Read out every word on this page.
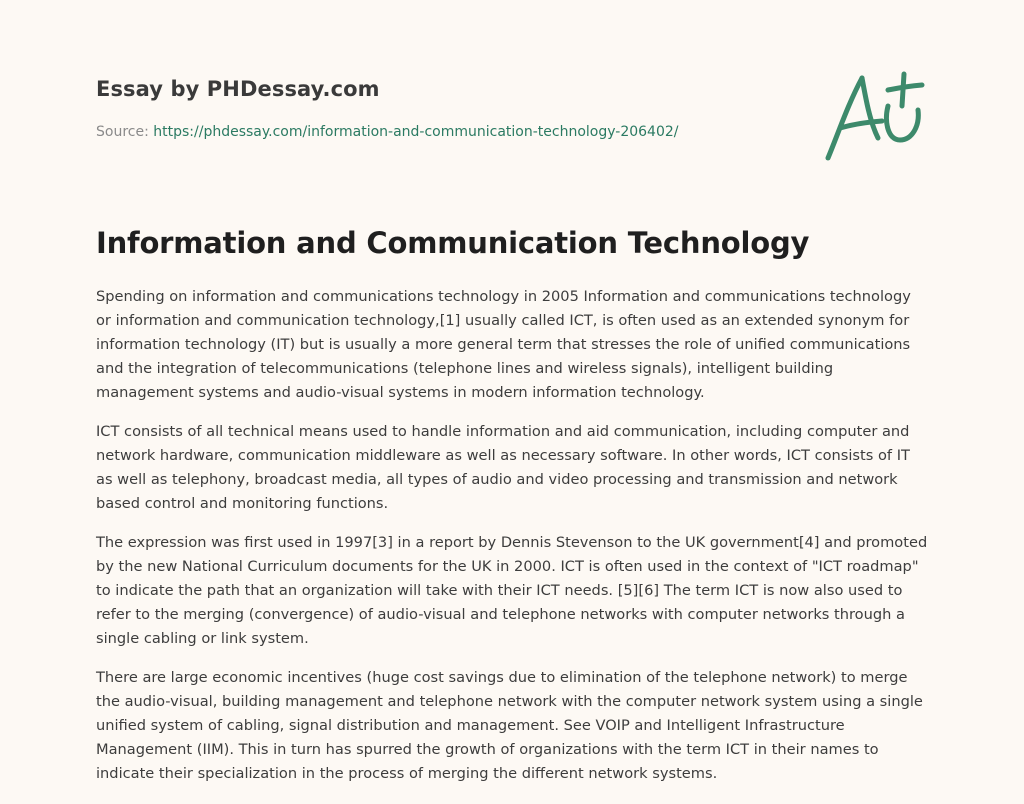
Essay by PHDessay.com
Source: https://phdessay.com/information-and-communication-technology-206402/
Information and Communication Technology

Spending on information and communications technology in 2005 Information and communications technology or information and communication technology,[1] usually called ICT, is often used as an extended synonym for information technology (IT) but is usually a more general term that stresses the role of unified communications and the integration of telecommunications (telephone lines and wireless signals), intelligent building management systems and audio-visual systems in modern information technology.

ICT consists of all technical means used to handle information and aid communication, including computer and network hardware, communication middleware as well as necessary software. In other words, ICT consists of IT as well as telephony, broadcast media, all types of audio and video processing and transmission and network based control and monitoring functions.

The expression was first used in 1997[3] in a report by Dennis Stevenson to the UK government[4] and promoted by the new National Curriculum documents for the UK in 2000. ICT is often used in the context of "ICT roadmap" to indicate the path that an organization will take with their ICT needs. [5][6] The term ICT is now also used to refer to the merging (convergence) of audio-visual and telephone networks with computer networks through a single cabling or link system.

There are large economic incentives (huge cost savings due to elimination of the telephone network) to merge the audio-visual, building management and telephone network with the computer network system using a single unified system of cabling, signal distribution and management. See VOIP and Intelligent Infrastructure Management (IIM). This in turn has spurred the growth of organizations with the term ICT in their names to indicate their specialization in the process of merging the different network systems.
